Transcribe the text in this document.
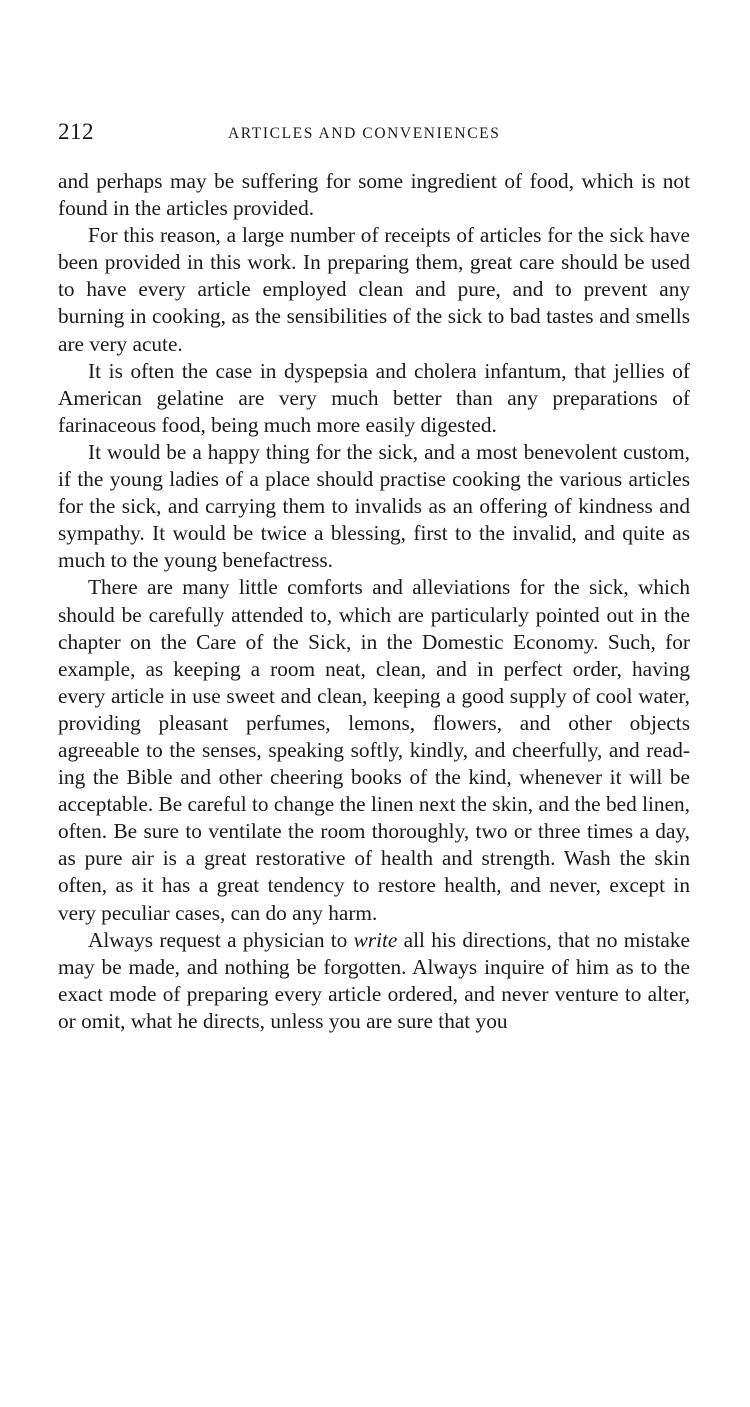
212	ARTICLES AND CONVENIENCES

and perhaps may be suffering for some ingredient of food, which is not found in the articles provided.

For this reason, a large number of receipts of articles for the sick have been provided in this work. In preparing them, great care should be used to have every article employed clean and pure, and to prevent any burning in cooking, as the sensibilities of the sick to bad tastes and smells are very acute.

It is often the case in dyspepsia and cholera infantum, that jellies of American gelatine are very much better than any preparations of farinaceous food, being much more easily digested.

It would be a happy thing for the sick, and a most benevolent custom, if the young ladies of a place should practise cooking the various articles for the sick, and carrying them to invalids as an offering of kindness and sympathy. It would be twice a blessing, first to the invalid, and quite as much to the young benefactress.

There are many little comforts and alleviations for the sick, which should be carefully attended to, which are particularly pointed out in the chapter on the Care of the Sick, in the Domestic Economy. Such, for example, as keeping a room neat, clean, and in perfect order, having every article in use sweet and clean, keeping a good supply of cool water, providing pleasant perfumes, lemons, flowers, and other objects agreeable to the senses, speaking softly, kindly, and cheerfully, and reading the Bible and other cheering books of the kind, whenever it will be acceptable. Be careful to change the linen next the skin, and the bed linen, often. Be sure to ventilate the room thoroughly, two or three times a day, as pure air is a great restorative of health and strength. Wash the skin often, as it has a great tendency to restore health, and never, except in very peculiar cases, can do any harm.

Always request a physician to write all his directions, that no mistake may be made, and nothing be forgotten. Always inquire of him as to the exact mode of preparing every article ordered, and never venture to alter, or omit, what he directs, unless you are sure that you
